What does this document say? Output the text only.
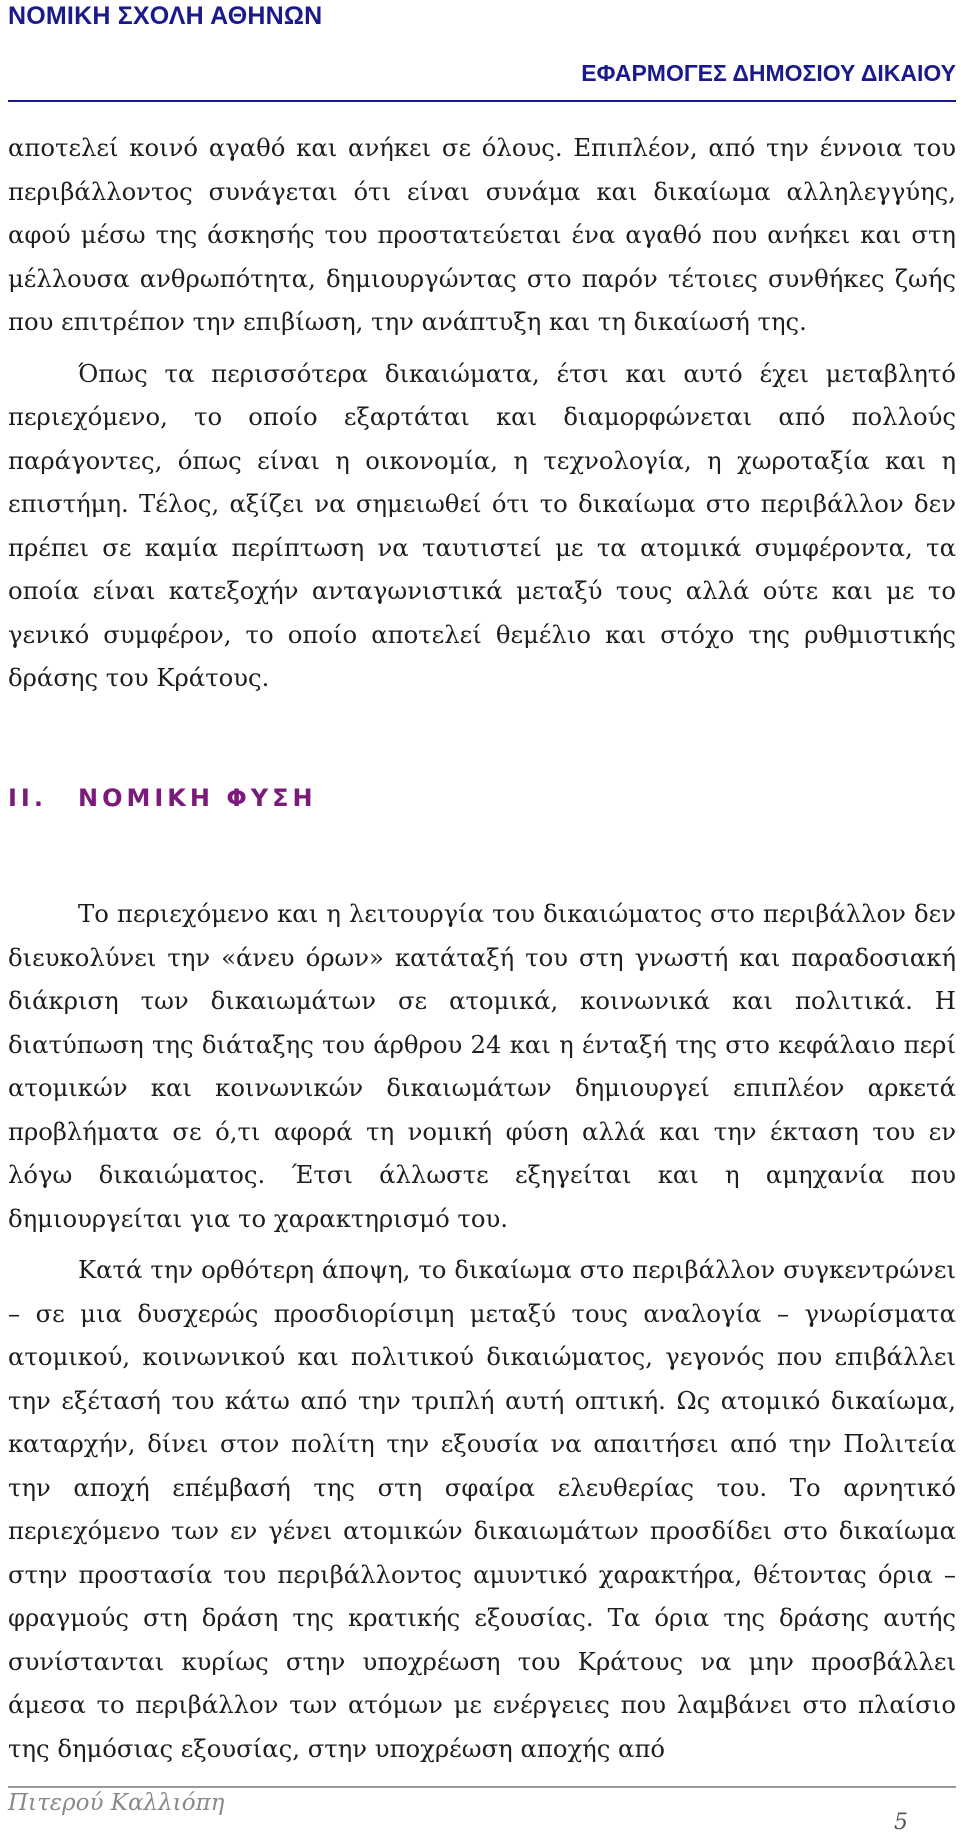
ΝΟΜΙΚΗ ΣΧΟΛΗ ΑΘΗΝΩΝ
ΕΦΑΡΜΟΓΕΣ ΔΗΜΟΣΙΟΥ ΔΙΚΑΙΟΥ

αποτελεί κοινό αγαθό και ανήκει σε όλους. Επιπλέον, από την έννοια του περιβάλλοντος συνάγεται ότι είναι συνάμα και δικαίωμα αλληλεγγύης, αφού μέσω της άσκησής του προστατεύεται ένα αγαθό που ανήκει και στη μέλλουσα ανθρωπότητα, δημιουργώντας στο παρόν τέτοιες συνθήκες ζωής που επιτρέπον την επιβίωση, την ανάπτυξη και τη δικαίωσή της.

Όπως τα περισσότερα δικαιώματα, έτσι και αυτό έχει μεταβλητό περιεχόμενο, το οποίο εξαρτάται και διαμορφώνεται από πολλούς παράγοντες, όπως είναι η οικονομία, η τεχνολογία, η χωροταξία και η επιστήμη. Τέλος, αξίζει να σημειωθεί ότι το δικαίωμα στο περιβάλλον δεν πρέπει σε καμία περίπτωση να ταυτιστεί με τα ατομικά συμφέροντα, τα οποία είναι κατεξοχήν ανταγωνιστικά μεταξύ τους αλλά ούτε και με το γενικό συμφέρον, το οποίο αποτελεί θεμέλιο και στόχο της ρυθμιστικής δράσης του Κράτους.

II. ΝΟΜΙΚΗ ΦΥΣΗ

Το περιεχόμενο και η λειτουργία του δικαιώματος στο περιβάλλον δεν διευκολύνει την «άνευ όρων» κατάταξή του στη γνωστή και παραδοσιακή διάκριση των δικαιωμάτων σε ατομικά, κοινωνικά και πολιτικά. Η διατύπωση της διάταξης του άρθρου 24 και η ένταξή της στο κεφάλαιο περί ατομικών και κοινωνικών δικαιωμάτων δημιουργεί επιπλέον αρκετά προβλήματα σε ό,τι αφορά τη νομική φύση αλλά και την έκταση του εν λόγω δικαιώματος. Έτσι άλλωστε εξηγείται και η αμηχανία που δημιουργείται για το χαρακτηρισμό του.

Κατά την ορθότερη άποψη, το δικαίωμα στο περιβάλλον συγκεντρώνει – σε μια δυσχερώς προσδιορίσιμη μεταξύ τους αναλογία – γνωρίσματα ατομικού, κοινωνικού και πολιτικού δικαιώματος, γεγονός που επιβάλλει την εξέτασή του κάτω από την τριπλή αυτή οπτική. Ως ατομικό δικαίωμα, καταρχήν, δίνει στον πολίτη την εξουσία να απαιτήσει από την Πολιτεία την αποχή επέμβασή της στη σφαίρα ελευθερίας του. Το αρνητικό περιεχόμενο των εν γένει ατομικών δικαιωμάτων προσδίδει στο δικαίωμα στην προστασία του περιβάλλοντος αμυντικό χαρακτήρα, θέτοντας όρια – φραγμούς στη δράση της κρατικής εξουσίας. Τα όρια της δράσης αυτής συνίστανται κυρίως στην υποχρέωση του Κράτους να μην προσβάλλει άμεσα το περιβάλλον των ατόμων με ενέργειες που λαμβάνει στο πλαίσιο της δημόσιας εξουσίας, στην υποχρέωση αποχής από

Πιτερού Καλλιόπη
5
